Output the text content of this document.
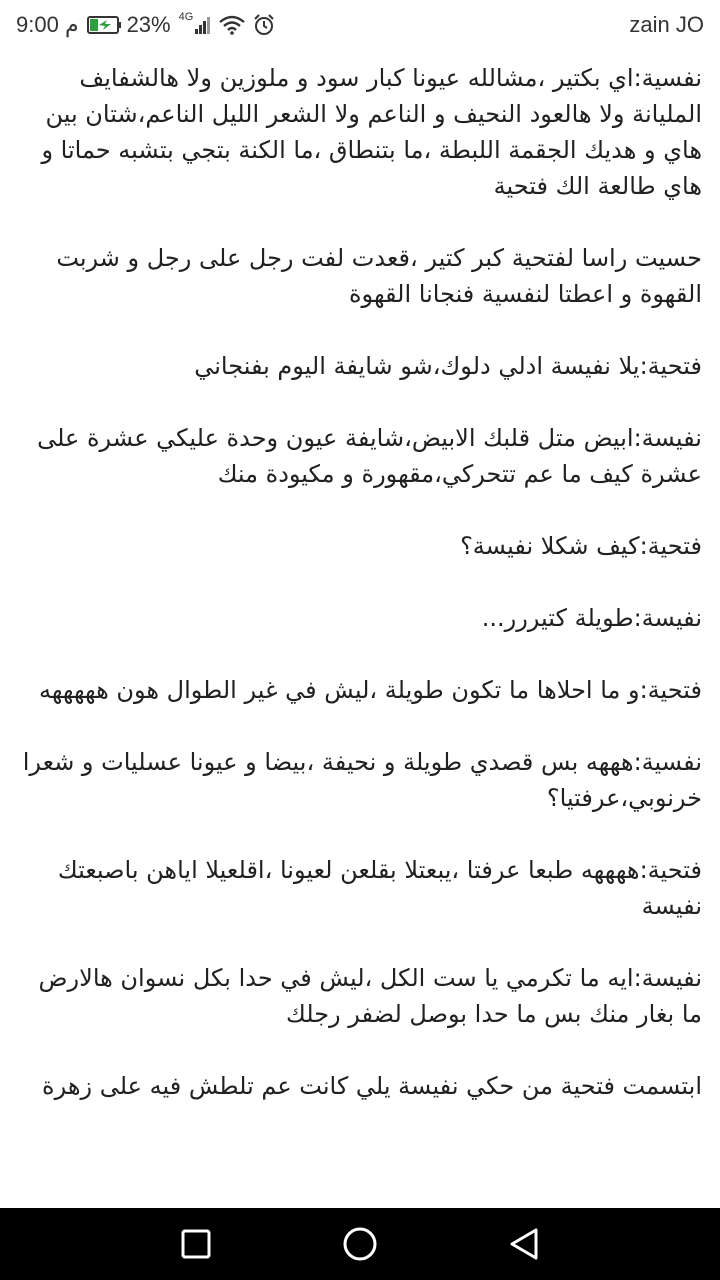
9:00 م 23% 4G	zain JO

نفسية:اي بكتير ،مشالله عيونا كبار سود و ملوزين ولا هالشفايف المليانة ولا هالعود النحيف و الناعم ولا الشعر الليل الناعم،شتان بين هاي و هديك الجقمة اللبطة ،ما بتنطاق ،ما الكنة بتجي بتشبه حماتا و هاي طالعة الك فتحية

حسيت راسا لفتحية كبر كتير ،قعدت لفت رجل على رجل و شربت القهوة و اعطتا لنفسية فنجانا القهوة

فتحية:يلا نفيسة ادلي دلوك،شو شايفة اليوم بفنجاني

نفيسة:ابيض متل قلبك الابيض،شايفة عيون وحدة عليكي عشرة على عشرة كيف ما عم تتحركي،مقهورة و مكيودة منك

فتحية:كيف شكلا نفيسة؟

نفيسة:طويلة كتيررر...

فتحية:و ما احلاها ما تكون طويلة ،ليش في غير الطوال هون هههههه

نفسية:هههه بس قصدي طويلة و نحيفة ،بيضا و عيونا عسليات و شعرا خرنوبي،عرفتيا؟

فتحية:ههههه طبعا عرفتا ،يبعتلا بقلعن لعيونا ،اقلعيلا اياهن باصبعتك نفيسة

نفيسة:ايه ما تكرمي يا ست الكل ،ليش في حدا بكل نسوان هالارض ما بغار منك بس ما حدا بوصل لضفر رجلك

ابتسمت فتحية من حكي نفيسة يلي كانت عم تلطش فيه على زهرة
